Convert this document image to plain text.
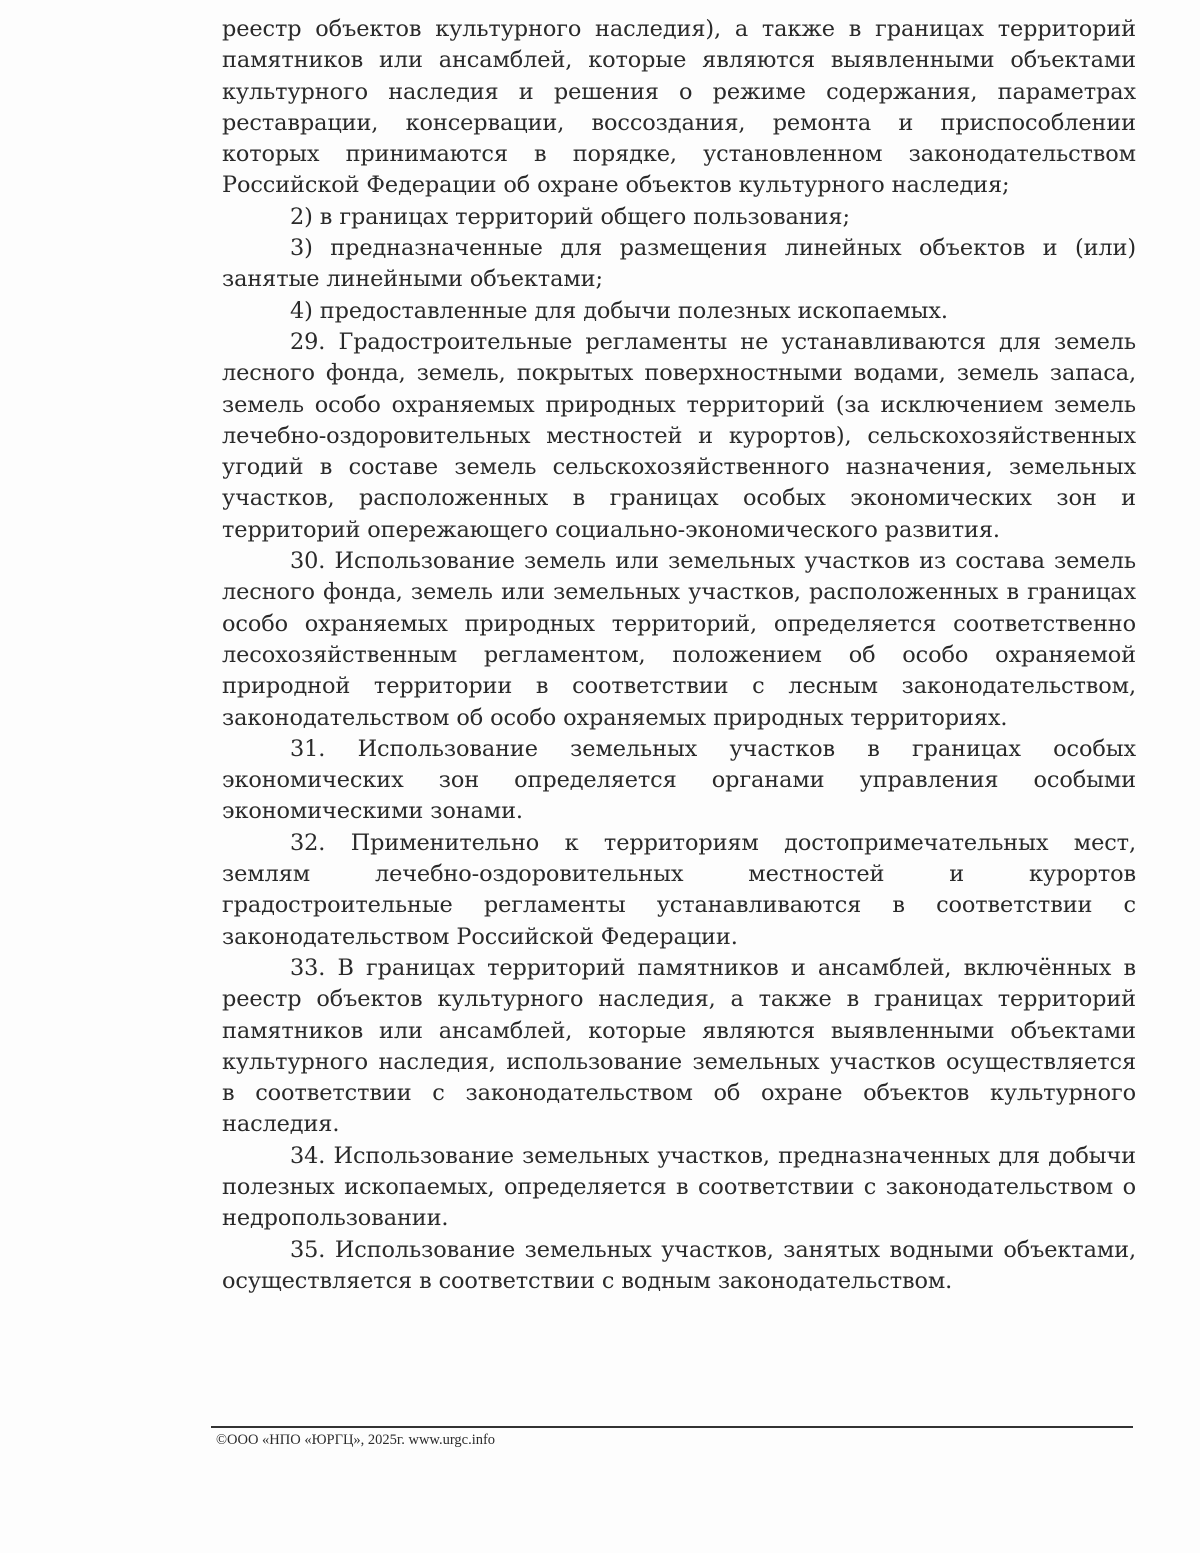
реестр объектов культурного наследия), а также в границах территорий памятников или ансамблей, которые являются выявленными объектами культурного наследия и решения о режиме содержания, параметрах реставрации, консервации, воссоздания, ремонта и приспособлении которых принимаются в порядке, установленном законодательством Российской Федерации об охране объектов культурного наследия;

2) в границах территорий общего пользования;

3) предназначенные для размещения линейных объектов и (или) занятые линейными объектами;

4) предоставленные для добычи полезных ископаемых.

29. Градостроительные регламенты не устанавливаются для земель лесного фонда, земель, покрытых поверхностными водами, земель запаса, земель особо охраняемых природных территорий (за исключением земель лечебно-оздоровительных местностей и курортов), сельскохозяйственных угодий в составе земель сельскохозяйственного назначения, земельных участков, расположенных в границах особых экономических зон и территорий опережающего социально-экономического развития.

30. Использование земель или земельных участков из состава земель лесного фонда, земель или земельных участков, расположенных в границах особо охраняемых природных территорий, определяется соответственно лесохозяйственным регламентом, положением об особо охраняемой природной территории в соответствии с лесным законодательством, законодательством об особо охраняемых природных территориях.

31. Использование земельных участков в границах особых экономических зон определяется органами управления особыми экономическими зонами.

32. Применительно к территориям достопримечательных мест, землям лечебно-оздоровительных местностей и курортов градостроительные регламенты устанавливаются в соответствии с законодательством Российской Федерации.

33. В границах территорий памятников и ансамблей, включённых в реестр объектов культурного наследия, а также в границах территорий памятников или ансамблей, которые являются выявленными объектами культурного наследия, использование земельных участков осуществляется в соответствии с законодательством об охране объектов культурного наследия.

34. Использование земельных участков, предназначенных для добычи полезных ископаемых, определяется в соответствии с законодательством о недропользовании.

35. Использование земельных участков, занятых водными объектами, осуществляется в соответствии с водным законодательством.

©ООО «НПО «ЮРГЦ», 2025г. www.urgc.info
